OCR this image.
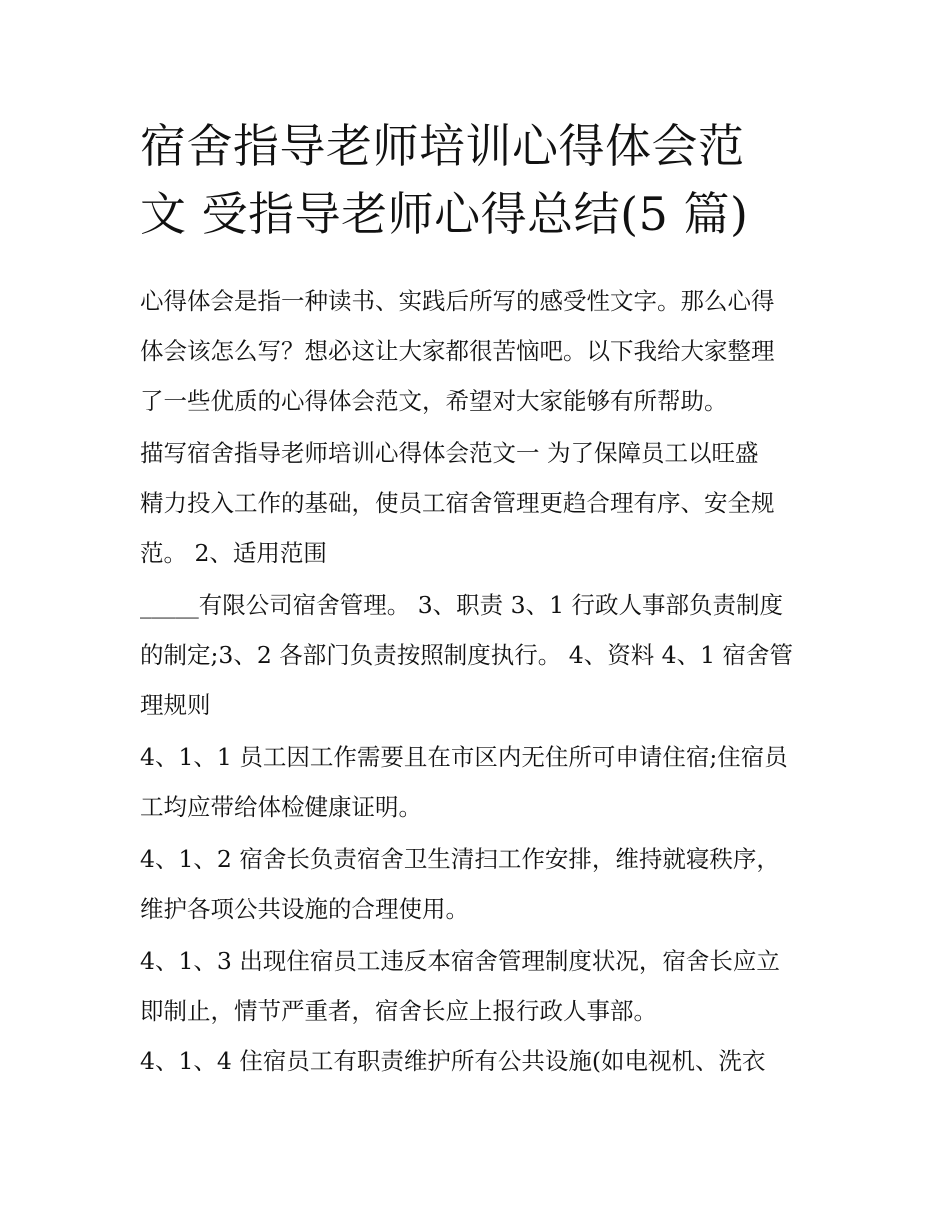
宿舍指导老师培训心得体会范
文 受指导老师心得总结(5 篇)

心得体会是指一种读书、实践后所写的感受性文字。那么心得
体会该怎么写？想必这让大家都很苦恼吧。以下我给大家整理
了一些优质的心得体会范文，希望对大家能够有所帮助。

描写宿舍指导老师培训心得体会范文一 为了保障员工以旺盛
精力投入工作的基础，使员工宿舍管理更趋合理有序、安全规
范。 2、适用范围

_____有限公司宿舍管理。 3、职责 3、1 行政人事部负责制度
的制定;3、2 各部门负责按照制度执行。 4、资料 4、1 宿舍管
理规则

4、1、1 员工因工作需要且在市区内无住所可申请住宿;住宿员
工均应带给体检健康证明。

4、1、2 宿舍长负责宿舍卫生清扫工作安排，维持就寝秩序，
维护各项公共设施的合理使用。

4、1、3 出现住宿员工违反本宿舍管理制度状况，宿舍长应立
即制止，情节严重者，宿舍长应上报行政人事部。

4、1、4 住宿员工有职责维护所有公共设施(如电视机、洗衣
